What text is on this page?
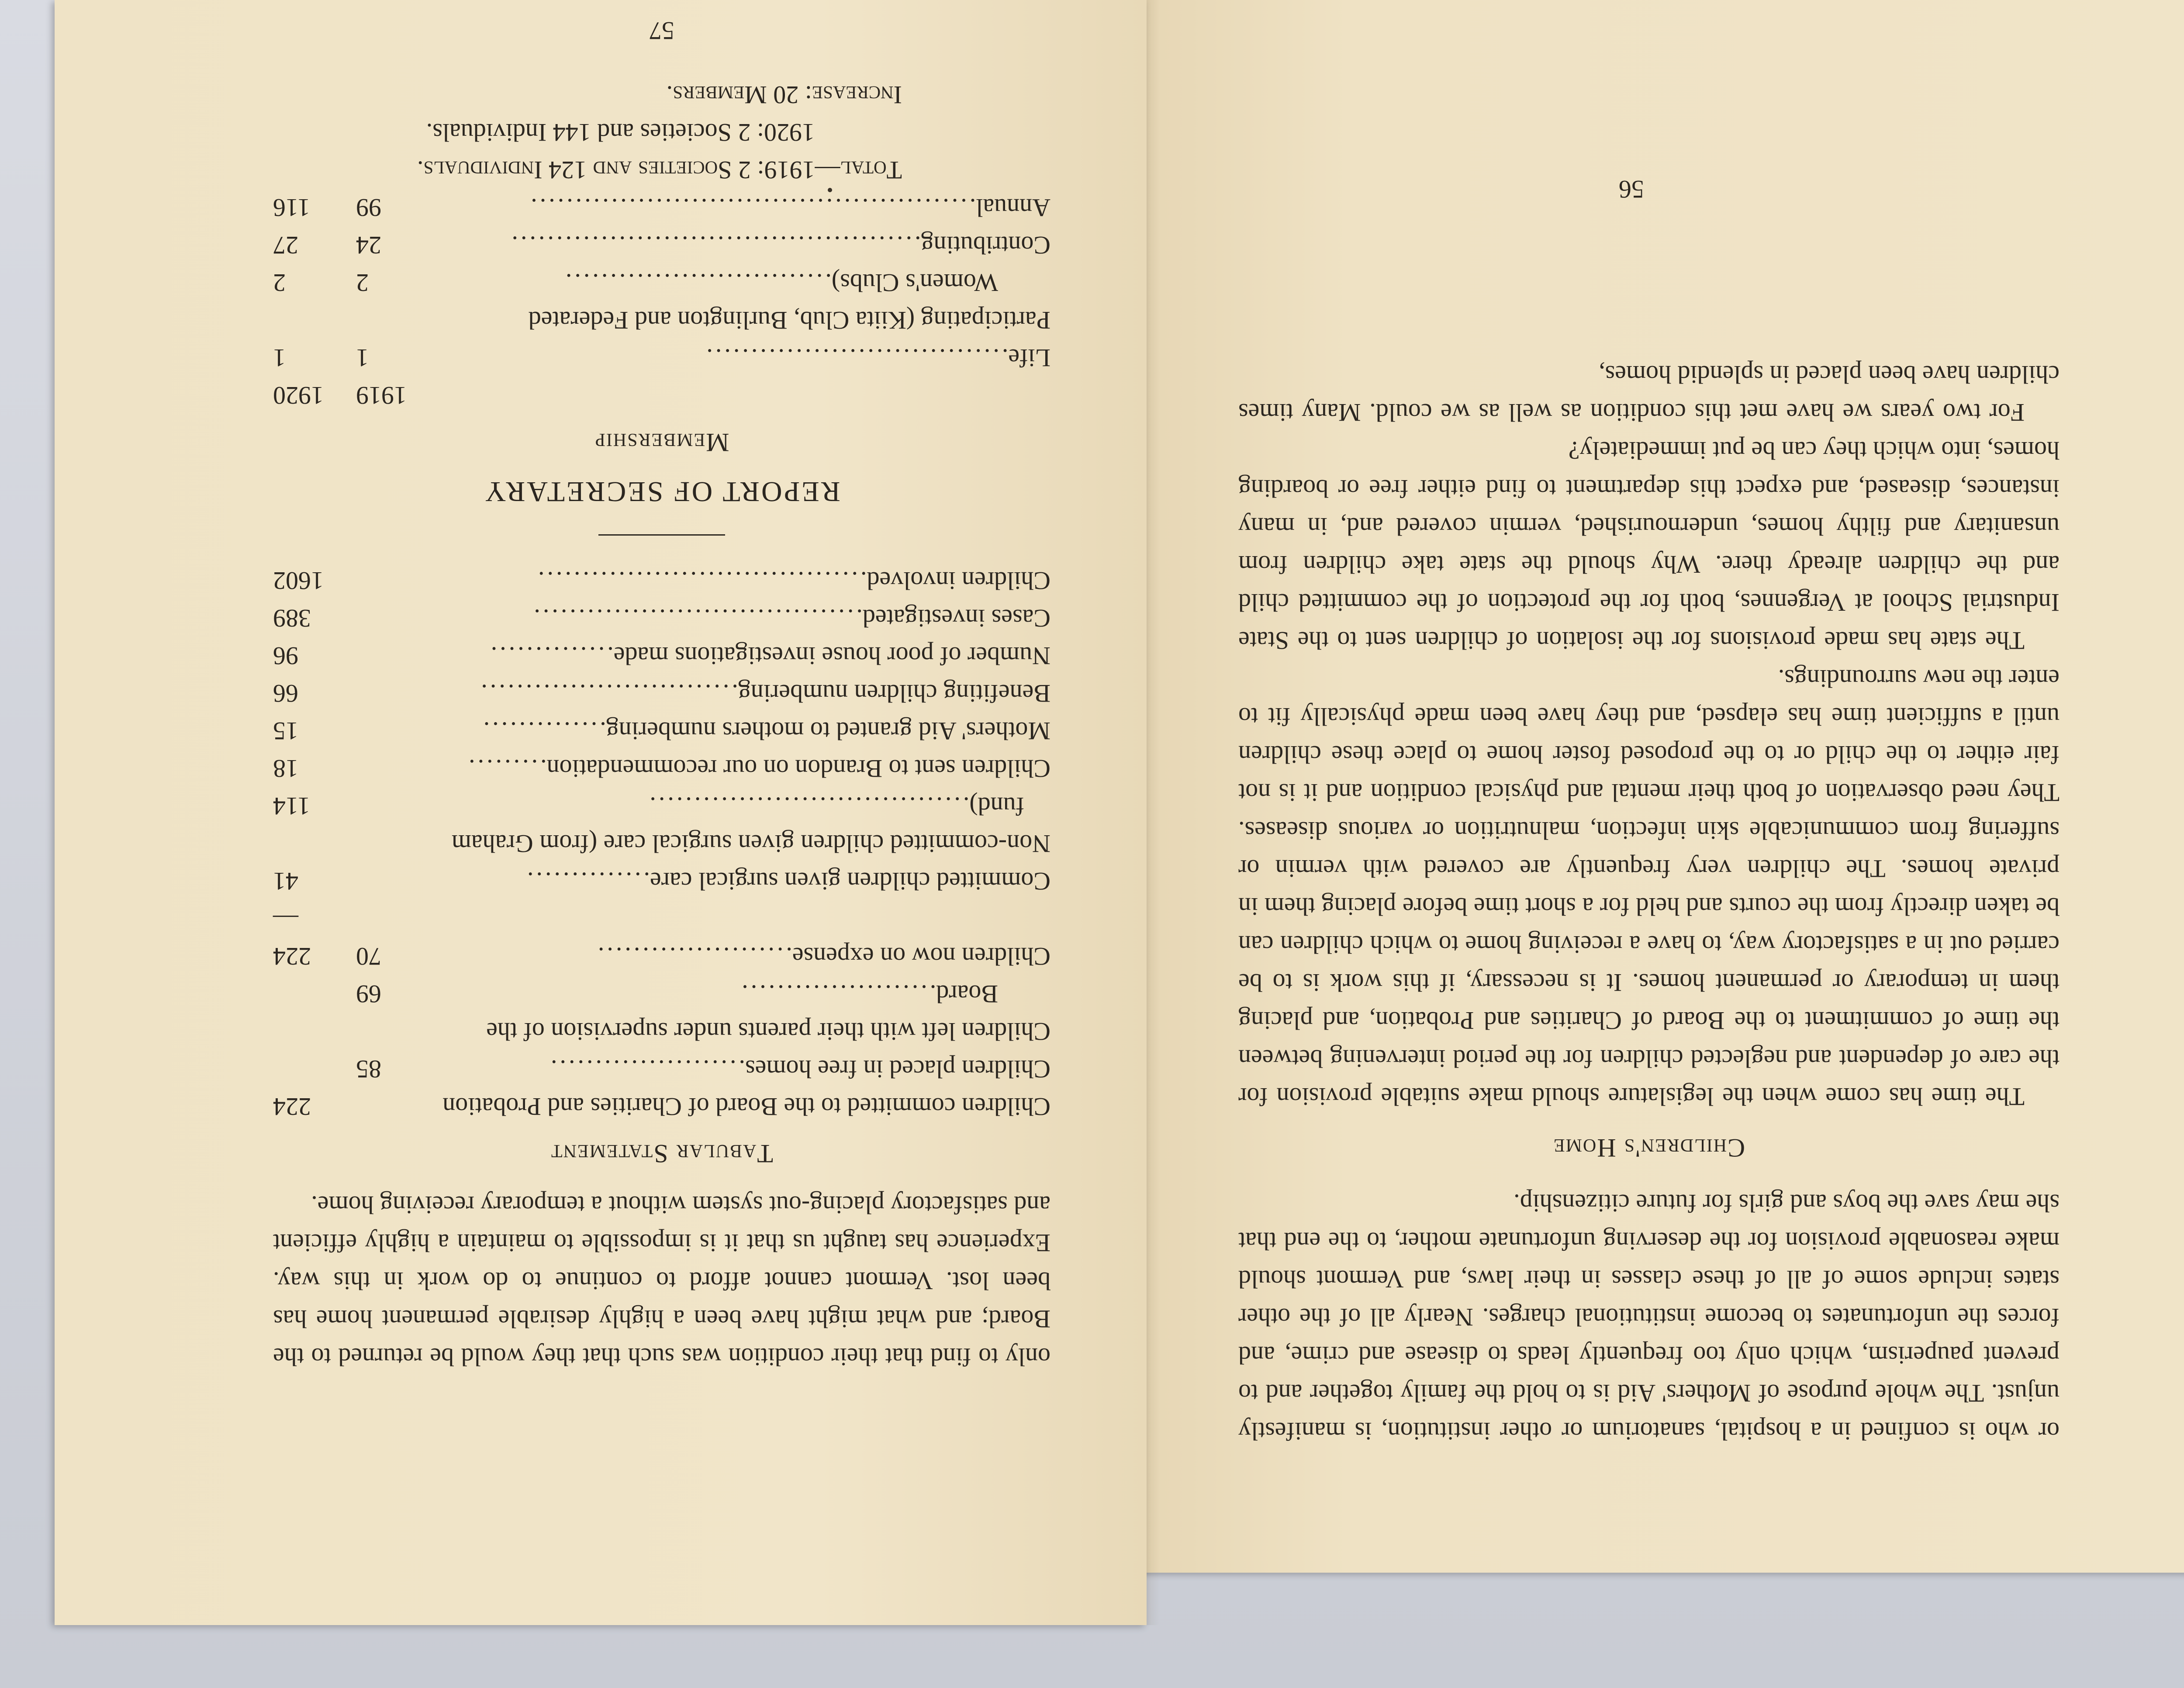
or who is confined in a hospital, sanatorium or other institution, is manifestly unjust. The whole purpose of Mothers' Aid is to hold the family together and to prevent pauperism, which only too frequently leads to disease and crime, and forces the unfortunates to become institutional charges. Nearly all of the other states include some of all of these classes in their laws, and Vermont should make reasonable provision for the deserving unfortunate mother, to the end that she may save the boys and girls for future citizenship.

Children's Home

The time has come when the legislature should make suitable provision for the care of dependent and neglected children for the period intervening between the time of commitment to the Board of Charities and Probation, and placing them in temporary or permanent homes. It is necessary, if this work is to be carried out in a satisfactory way, to have a receiving home to which children can be taken directly from the courts and held for a short time before placing them in private homes. The children very frequently are covered with vermin or suffering from communicable skin infection, malnutrition or various diseases. They need observation of both their mental and physical condition and it is not fair either to the child or to the proposed foster home to place these children until a sufficient time has elapsed, and they have been made physically fit to enter the new surroundings.

The state has made provisions for the isolation of children sent to the State Industrial School at Vergennes, both for the protection of the committed child and the children already there. Why should the state take children from unsanitary and filthy homes, undernourished, vermin covered and, in many instances, diseased, and expect this department to find either free or boarding homes, into which they can be put immediately?

For two years we have met this condition as well as we could. Many times children have been placed in splendid homes,

56

only to find that their condition was such that they would be returned to the Board; and what might have been a highly desirable permanent home has been lost. Vermont cannot afford to continue to do work in this way. Experience has taught us that it is impossible to maintain a highly efficient and satisfactory placing-out system without a temporary receiving home.

Tabular Statement
Children committed to the Board of Charities and Probation
224
Children placed in free homes
......................
85
Children left with their parents under supervision of the
Board
......................
69
Children now on expense
......................
70
224
—
Committed children given surgical care
..............
41
Non-committed children given surgical care (from Graham
fund)
....................................
114
Children sent to Brandon on our recommendation
.........
18
Mothers' Aid granted to mothers numbering
..............
15
Benefiting children numbering
.............................
66
Number of poor house investigations made
..............
96
Cases investigated
.....................................
389
Children involved
.....................................
1602
REPORT OF SECRETARY
Membership
1919
1920
Life
..................................
1
1
Participating (Kiita Club, Burlington and Federated
Women's Clubs)
..............................
2
2
Contributing
..............................................
24
27
Annual
..................................................
99
116
Total—1919: 2 Societies and 124 Individuals.
1920: 2 Societies and 144 Individuals.
Increase: 20 Members.
57
